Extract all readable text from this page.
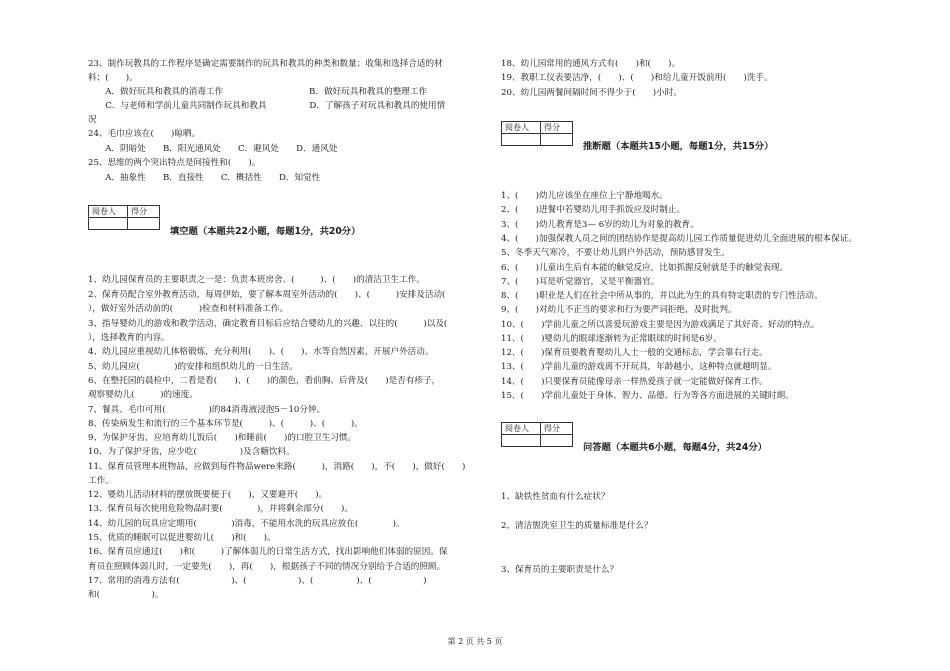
23、制作玩教具的工作程序是确定需要制作的玩具和教具的种类和数量；收集和选择合适的材
料；(　　)。
　　A．做好玩具和教具的消毒工作　　　　　　　　　　B．做好玩具和教具的整理工作
　　C．与老师和学前儿童共同制作玩具和教具　　　　　D．了解孩子对玩具和教具的使用情
况
24、毛巾应该在(　　)晾晒。
　　A．阴暗处　　B．阳光通风处　　C．避风处　　D．通风处
25、思维的两个突出特点是间接性和(　　)。
　　A．抽象性　　B．直接性　　C．概括性　　D．知觉性
阅卷人	得分

填空题（本题共22小题，每题1分，共20分）
1、幼儿园保育员的主要职责之一是：负责本班房舍、(　　　)、(　　)的清洁卫生工作。
2、保育员配合室外教育活动，每周伊始，要了解本周室外活动的(　　)、(　　　)安排及活动(
），做好室外活动前的(　　　)检查和材料准备工作。
3、指导婴幼儿的游戏和教学活动，确定教育目标后应结合婴幼儿的兴趣、以往的(　　　)以及(
），选择教育的内容。
4、幼儿园应重视幼儿体格锻炼，充分利用(　　)、(　　)、水等自然因素，开展户外活动。
5、幼儿园应(　　　　)的安排和组织幼儿的一日生活。
6、在整托园的晨检中，二看是看(　　)、(　　)的颜色，看前胸、后背及(　　)是否有疹子，
观察婴幼儿(　　　)的速度。
7、餐具、毛巾可用(　　　　　)的84消毒液浸泡5－10分钟。
8、传染病发生和流行的三个基本环节是(　　　)、(　　　)、(　　　)。
9、为保护牙齿，应培育幼儿饭后(　　)和睡前(　　)的口腔卫生习惯。
10、为了保护牙齿，应少吃(　　　　　)及含糖饮料。
11、保育员管理本班物品，应做到每件物品were来路(　　　)，消路(　　)，不(　　)，做好(　　)
工作。
12、婴幼儿活动材料的摆放既要便于(　　)，又要避开(　　)。
13、保育员每次使用危险物品时要(　　　　)，并将剩余部分(　　)。
14、幼儿园的玩具应定期用(　　　　)消毒，不能用水洗的玩具应放在(　　　　)。
15、优质的睡眠可以促进婴幼儿(　　)和(　　)。
16、保育员应通过(　　)和(　　　)了解体弱儿的日常生活方式，找出影响他们体弱的原因。保
育员在照顾体弱儿时，一定要先(　　)，再(　　)，根据孩子不同的情况分别给予合适的照顾。
17、常用的消毒方法有(　　　　　　)、(　　　　　　)、(　　　　　)、(　　　　　　)
和(　　　　　　)。
18、幼儿园常用的通风方式有(　　)和(　　)。
19、教职工仪表要洁净，(　　)、(　　)和给儿童开饭前用(　　)洗手。
20、幼儿园两餐间隔时间不得少于(　　)小时。
阅卷人	得分

推断题（本题共15小题，每题1分，共15分）
1、(　　)幼儿应该坐在座位上宁静地喝水。
2、(　　)进餐中若婴幼儿用手抓饭应及时制止。
3、(　　)幼儿教育是3— 6岁的幼儿为对象的教育。
4、(　　)加强保教人员之间的团结协作是提高幼儿园工作质量促进幼儿全面进展的根本保证。
5、冬季天气寒冷，不要让幼儿到户外活动，预防感冒发生。
6、(　　)儿童出生后有本能的触觉反应，比如抓握反射就是手的触觉表现。
7、(　　)耳是听觉器官，又是平衡器官。
8、(　　)职业是人们在社会中所从事的，并以此为生的具有特定职责的专门性活动。
9、(　　)对幼儿不正当的要求和行为要严词拒绝，及时批判。
10、(　　)学前儿童之所以喜爱玩游戏主要是因为游戏满足了其好奇、好动的特点。
11、(　　)婴幼儿的眼球逐渐转为正常眼球的时间是6岁。
12、(　　)保育员要教育婴幼儿人士一般的交通标志，学会靠右行走。
13、(　　)学前儿童的游戏离不开玩具，年龄越小，这种特点就越明显。
14、(　　)只要保育员能像母亲一样热爱孩子就一定能做好保育工作。
15、(　　)学前儿童处于身体、智力、品德、行为等各方面进展的关键时期。
阅卷人	得分

问答题（本题共6小题，每题4分，共24分）
1、缺铁性贫血有什么症状？
2、清洁盥洗室卫生的质量标准是什么？
3、保育员的主要职责是什么？
第 2 页 共 5 页
